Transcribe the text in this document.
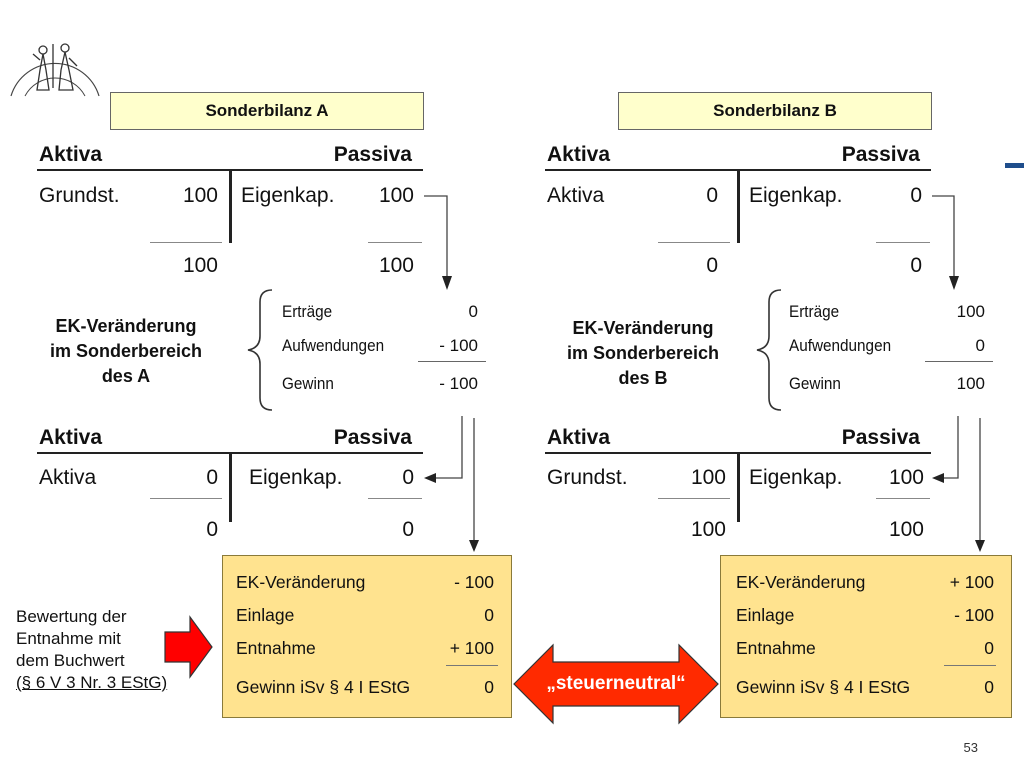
Sonderbilanz A
Aktiva	Passiva
Grundst.	100 Eigenkap.	100
100	100
EK-Veränderung
im Sonderbereich
des A
Erträge	0
Aufwendungen	- 100
Gewinn	- 100
Aktiva	Passiva
Aktiva	0 Eigenkap.	0
0	0
EK-Veränderung	- 100
Einlage	0
Entnahme	+ 100
Gewinn iSv § 4 I EStG	0
Bewertung der
Entnahme mit
dem Buchwert
(§ 6 V 3 Nr. 3 EStG)	„steuerneutral“
Sonderbilanz B
Aktiva	Passiva
Aktiva	0 Eigenkap.	0
0	0
EK-Veränderung
im Sonderbereich
des B
Erträge	100
Aufwendungen	0
Gewinn	100
Aktiva	Passiva
Grundst.	100 Eigenkap.	100
100	100
EK-Veränderung	+ 100
Einlage	- 100
Entnahme	0
Gewinn iSv § 4 I EStG	0
53
